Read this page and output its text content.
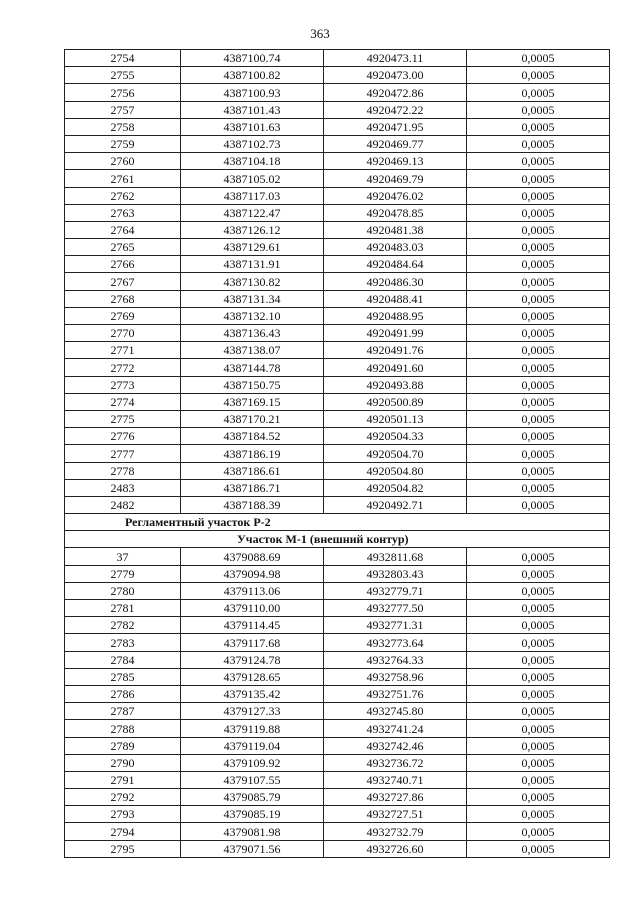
363
2754	4387100.74	4920473.11	0,0005
2755	4387100.82	4920473.00	0,0005
2756	4387100.93	4920472.86	0,0005
2757	4387101.43	4920472.22	0,0005
2758	4387101.63	4920471.95	0,0005
2759	4387102.73	4920469.77	0,0005
2760	4387104.18	4920469.13	0,0005
2761	4387105.02	4920469.79	0,0005
2762	4387117.03	4920476.02	0,0005
2763	4387122.47	4920478.85	0,0005
2764	4387126.12	4920481.38	0,0005
2765	4387129.61	4920483.03	0,0005
2766	4387131.91	4920484.64	0,0005
2767	4387130.82	4920486.30	0,0005
2768	4387131.34	4920488.41	0,0005
2769	4387132.10	4920488.95	0,0005
2770	4387136.43	4920491.99	0,0005
2771	4387138.07	4920491.76	0,0005
2772	4387144.78	4920491.60	0,0005
2773	4387150.75	4920493.88	0,0005
2774	4387169.15	4920500.89	0,0005
2775	4387170.21	4920501.13	0,0005
2776	4387184.52	4920504.33	0,0005
2777	4387186.19	4920504.70	0,0005
2778	4387186.61	4920504.80	0,0005
2483	4387186.71	4920504.82	0,0005
2482	4387188.39	4920492.71	0,0005
Регламентный участок Р-2			
Участок М-1 (внешний контур)			
37	4379088.69	4932811.68	0,0005
2779	4379094.98	4932803.43	0,0005
2780	4379113.06	4932779.71	0,0005
2781	4379110.00	4932777.50	0,0005
2782	4379114.45	4932771.31	0,0005
2783	4379117.68	4932773.64	0,0005
2784	4379124.78	4932764.33	0,0005
2785	4379128.65	4932758.96	0,0005
2786	4379135.42	4932751.76	0,0005
2787	4379127.33	4932745.80	0,0005
2788	4379119.88	4932741.24	0,0005
2789	4379119.04	4932742.46	0,0005
2790	4379109.92	4932736.72	0,0005
2791	4379107.55	4932740.71	0,0005
2792	4379085.79	4932727.86	0,0005
2793	4379085.19	4932727.51	0,0005
2794	4379081.98	4932732.79	0,0005
2795	4379071.56	4932726.60	0,0005
